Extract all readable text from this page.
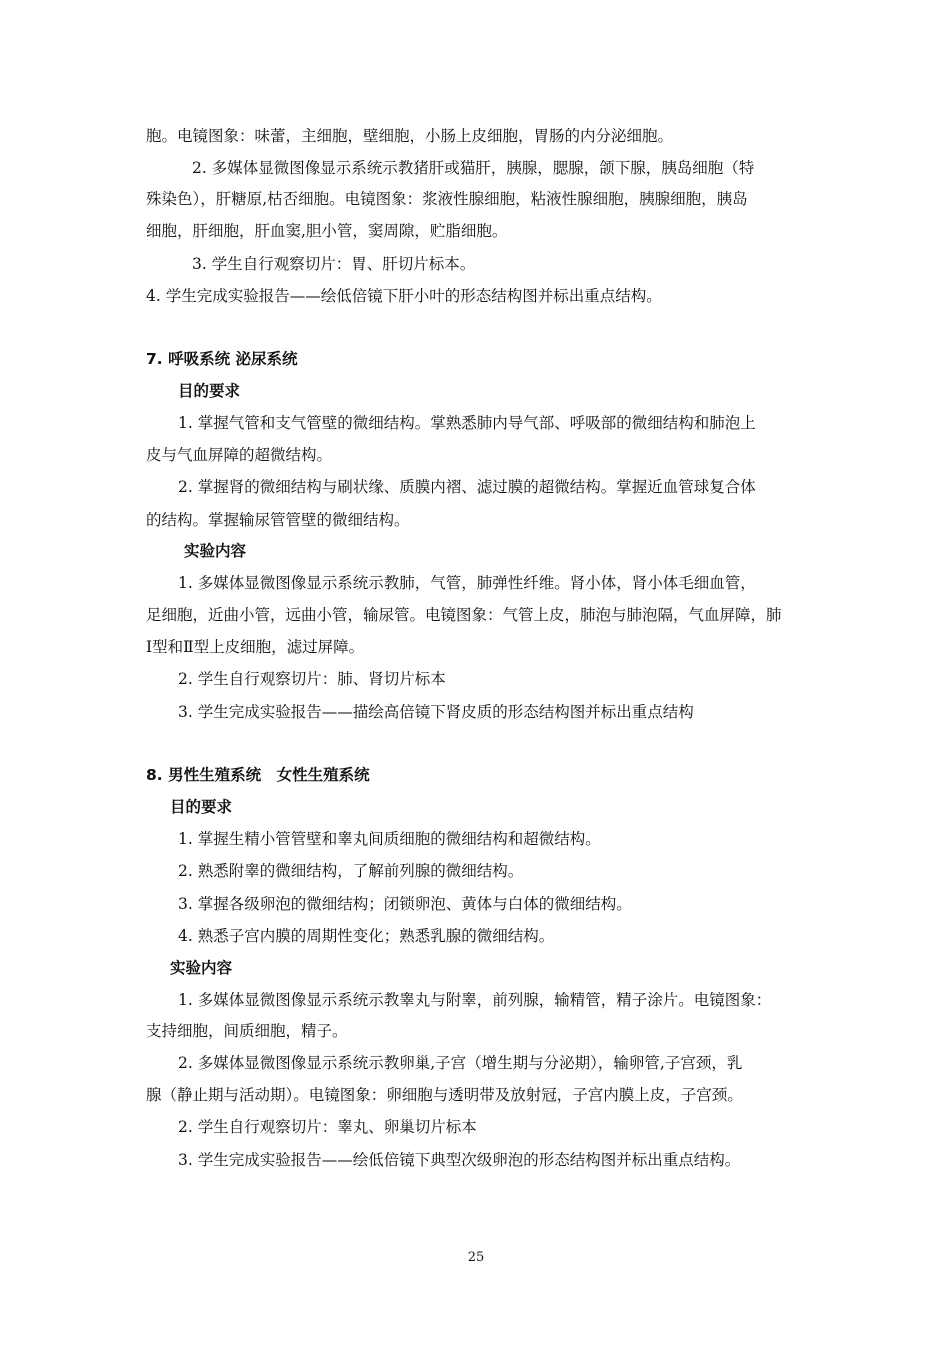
胞。电镜图象：味蕾，主细胞，壁细胞，小肠上皮细胞，胃肠的内分泌细胞。
2. 多媒体显微图像显示系统示教猪肝或猫肝，胰腺，腮腺，颌下腺，胰岛细胞（特
殊染色），肝糖原,枯否细胞。电镜图象：浆液性腺细胞，粘液性腺细胞，胰腺细胞，胰岛
细胞，肝细胞，肝血窦,胆小管，窦周隙，贮脂细胞。
3. 学生自行观察切片：胃、肝切片标本。
4. 学生完成实验报告——绘低倍镜下肝小叶的形态结构图并标出重点结构。
7. 呼吸系统 泌尿系统
目的要求
1. 掌握气管和支气管壁的微细结构。掌熟悉肺内导气部、呼吸部的微细结构和肺泡上
皮与气血屏障的超微结构。
2. 掌握肾的微细结构与刷状缘、质膜内褶、滤过膜的超微结构。掌握近血管球复合体
的结构。掌握输尿管管壁的微细结构。
实验内容
1. 多媒体显微图像显示系统示教肺，气管，肺弹性纤维。肾小体，肾小体毛细血管，
足细胞，近曲小管，远曲小管，输尿管。电镜图象：气管上皮，肺泡与肺泡隔，气血屏障，肺
Ⅰ型和Ⅱ型上皮细胞，滤过屏障。
2. 学生自行观察切片：肺、肾切片标本
3. 学生完成实验报告——描绘高倍镜下肾皮质的形态结构图并标出重点结构
8. 男性生殖系统　女性生殖系统
目的要求
1. 掌握生精小管管壁和睾丸间质细胞的微细结构和超微结构。
2. 熟悉附睾的微细结构，了解前列腺的微细结构。
3. 掌握各级卵泡的微细结构；闭锁卵泡、黄体与白体的微细结构。
4. 熟悉子宫内膜的周期性变化；熟悉乳腺的微细结构。
实验内容
1. 多媒体显微图像显示系统示教睾丸与附睾，前列腺，输精管，精子涂片。电镜图象：
支持细胞，间质细胞，精子。
2. 多媒体显微图像显示系统示教卵巢,子宫（增生期与分泌期），输卵管,子宫颈，乳
腺（静止期与活动期）。电镜图象：卵细胞与透明带及放射冠，子宫内膜上皮，子宫颈。
2. 学生自行观察切片：睾丸、卵巢切片标本
3. 学生完成实验报告——绘低倍镜下典型次级卵泡的形态结构图并标出重点结构。
25
